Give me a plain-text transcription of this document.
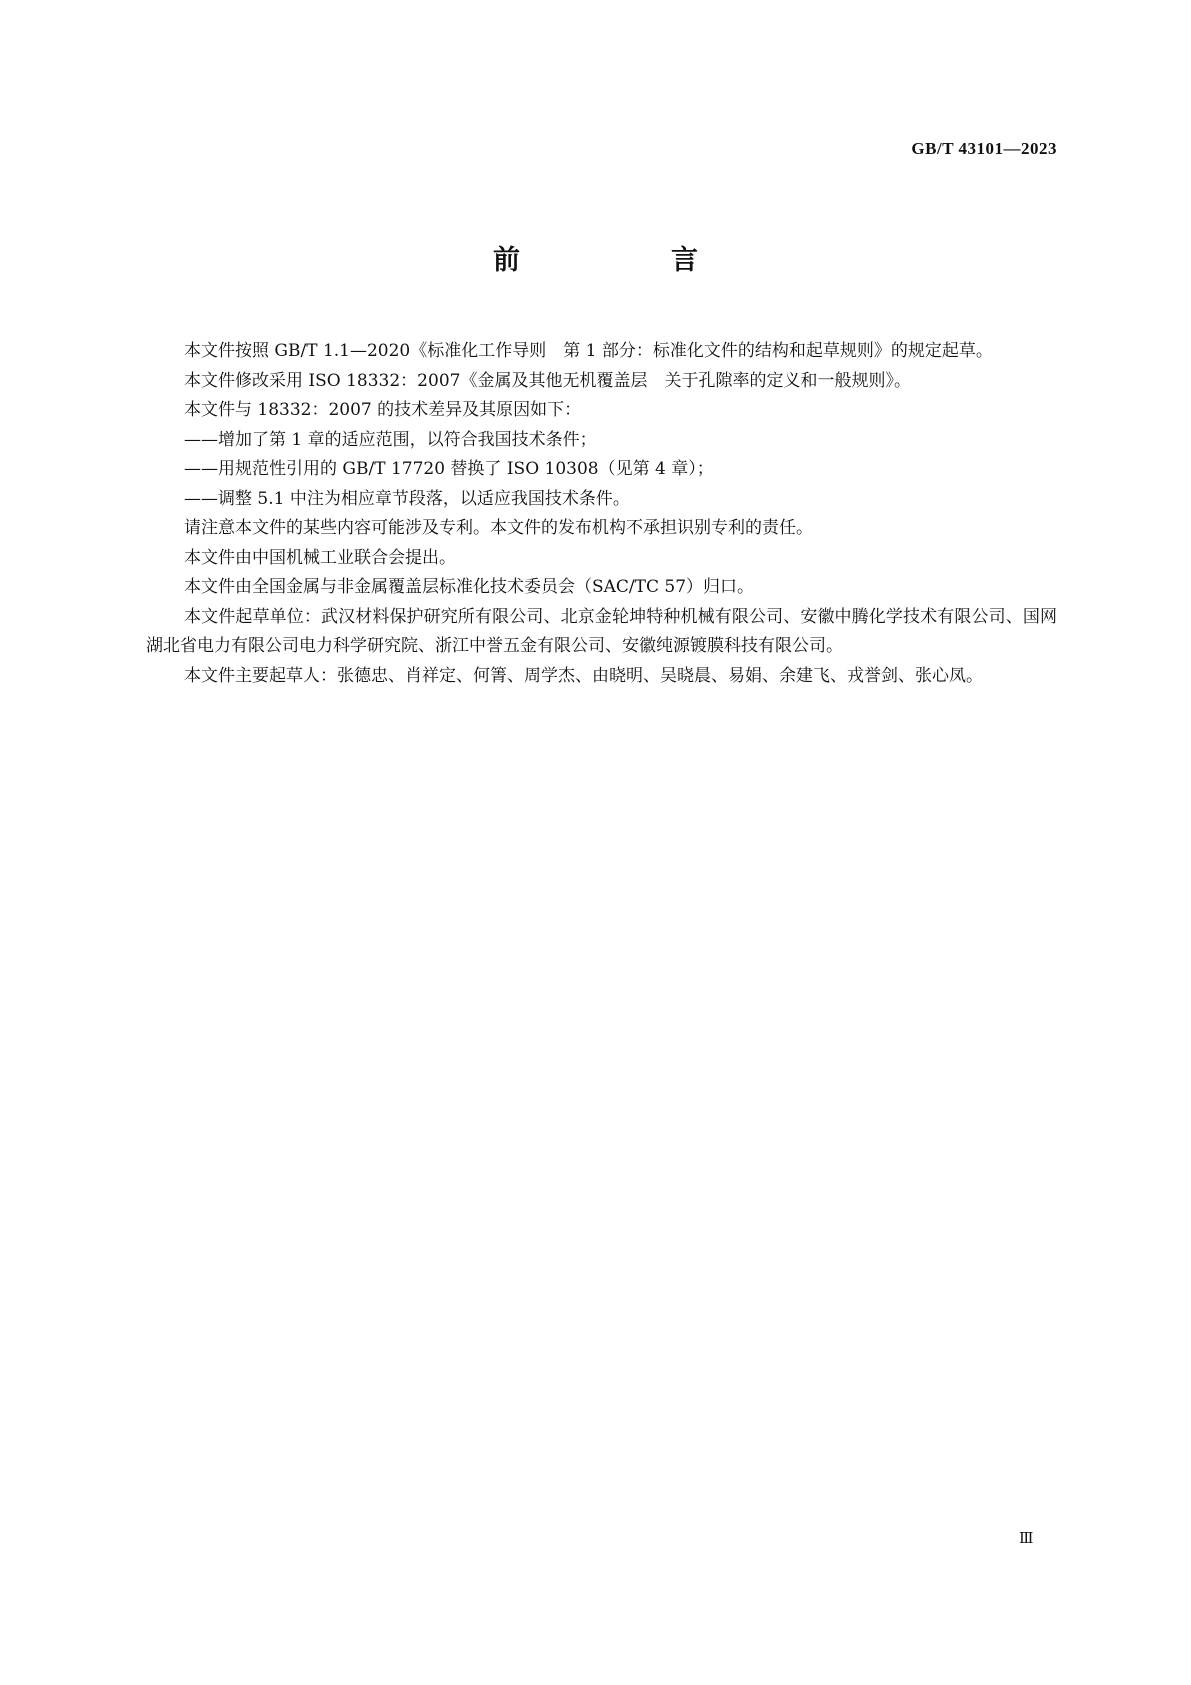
GB/T 43101—2023

前　言

本文件按照 GB/T 1.1—2020《标准化工作导则　第 1 部分：标准化文件的结构和起草规则》的规定起草。

本文件修改采用 ISO 18332：2007《金属及其他无机覆盖层　关于孔隙率的定义和一般规则》。

本文件与 18332：2007 的技术差异及其原因如下：

——增加了第 1 章的适应范围，以符合我国技术条件；

——用规范性引用的 GB/T 17720 替换了 ISO 10308（见第 4 章）；

——调整 5.1 中注为相应章节段落，以适应我国技术条件。

请注意本文件的某些内容可能涉及专利。本文件的发布机构不承担识别专利的责任。

本文件由中国机械工业联合会提出。

本文件由全国金属与非金属覆盖层标准化技术委员会（SAC/TC 57）归口。

本文件起草单位：武汉材料保护研究所有限公司、北京金轮坤特种机械有限公司、安徽中腾化学技术有限公司、国网湖北省电力有限公司电力科学研究院、浙江中誉五金有限公司、安徽纯源镀膜科技有限公司。

本文件主要起草人：张德忠、肖祥定、何箐、周学杰、由晓明、吴晓晨、易娟、余建飞、戎誉剑、张心凤。

Ⅲ
